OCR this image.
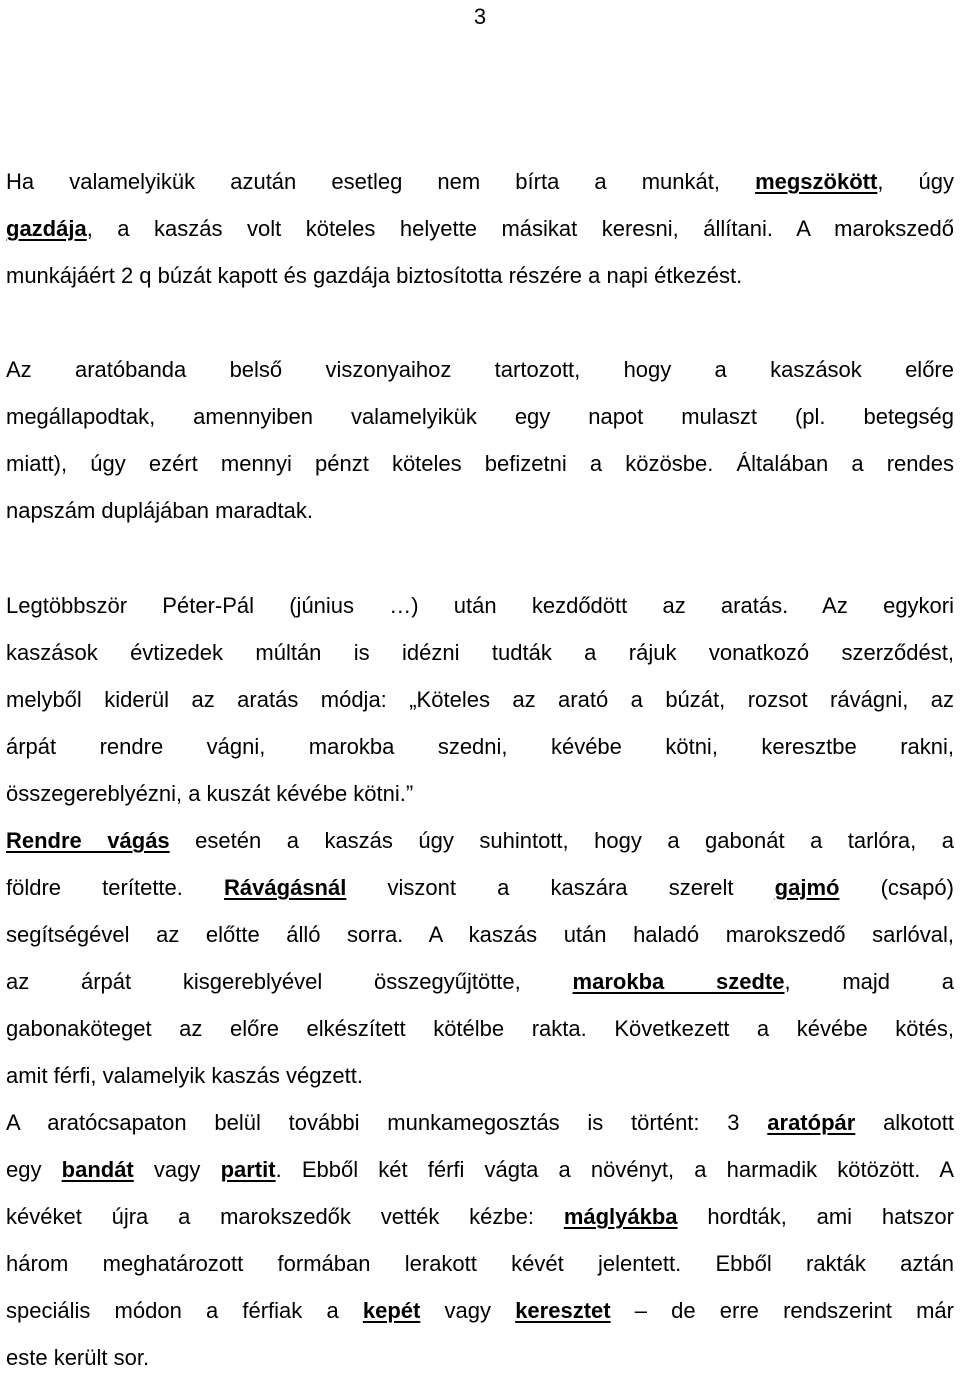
3
Ha valamelyikük azután esetleg nem bírta a munkát, megszökött, úgy
gazdája, a kaszás volt köteles helyette másikat keresni, állítani. A marokszedő
munkájáért 2 q búzát kapott és gazdája biztosította részére a napi étkezést.
Az aratóbanda belső viszonyaihoz tartozott, hogy a kaszások előre
megállapodtak, amennyiben valamelyikük egy napot mulaszt (pl. betegség
miatt), úgy ezért mennyi pénzt köteles befizetni a közösbe. Általában a rendes
napszám duplájában maradtak.
Legtöbbször Péter-Pál (június …) után kezdődött az aratás. Az egykori
kaszások évtizedek múltán is idézni tudták a rájuk vonatkozó szerződést,
melyből kiderül az aratás módja: „Köteles az arató a búzát, rozsot rávágni, az
árpát rendre vágni, marokba szedni, kévébe kötni, keresztbe rakni,
összegereblyézni, a kuszát kévébe kötni.”
Rendre vágás esetén a kaszás úgy suhintott, hogy a gabonát a tarlóra, a
földre terítette. Rávágásnál viszont a kaszára szerelt gajmó (csapó)
segítségével az előtte álló sorra. A kaszás után haladó marokszedő sarlóval,
az árpát kisgereblyével összegyűjtötte, marokba szedte, majd a
gabonaköteget az előre elkészített kötélbe rakta. Következett a kévébe kötés,
amit férfi, valamelyik kaszás végzett.
A aratócsapaton belül további munkamegosztás is történt: 3 aratópár alkotott
egy bandát vagy partit. Ebből két férfi vágta a növényt, a harmadik kötözött. A
kévéket újra a marokszedők vették kézbe: máglyákba hordták, ami hatszor
három meghatározott formában lerakott kévét jelentett. Ebből rakták aztán
speciális módon a férfiak a kepét vagy keresztet – de erre rendszerint már
este került sor.
